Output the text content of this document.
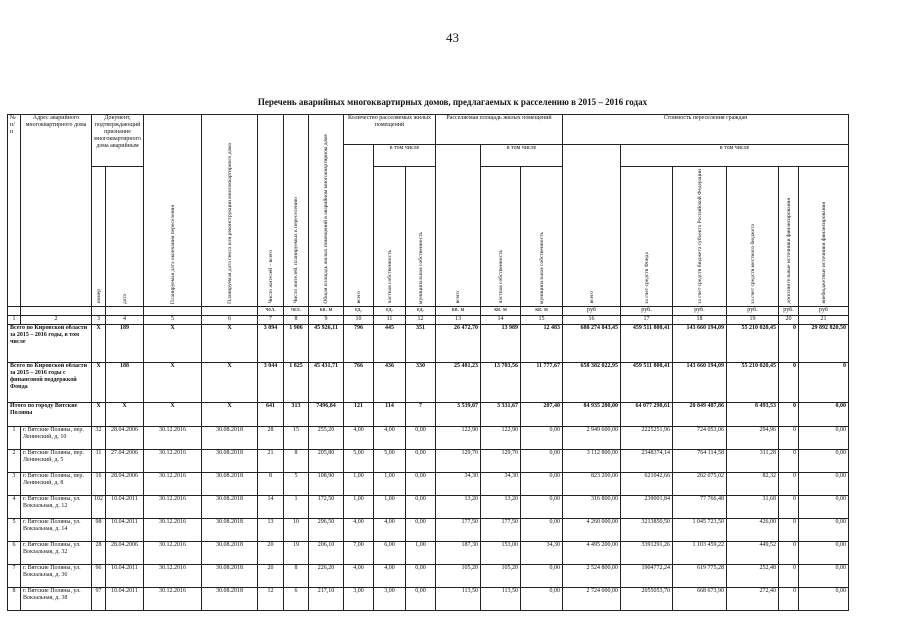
43
Перечень аварийных многоквартирных домов, предлагаемых к расселению в 2015 – 2016 годах
№ п/п	Адрес аварийного многоквартирного дома	Документ, подтверждающий признание многоквартирного дома аварийным		Планируемая дата окончания переселения	Планируемая дата сноса или реконструкции многоквартирного дома	Число жителей – всего	Число жителей, планируемых к переселению	Общая площадь жилых помещений в аварийном многоквартирном доме	Количество расселяемых жилых помещений			Расселяемая площадь жилых помещений			Стоимость переселения граждан					

									всего	в том числе		всего	в том числе		всего	в том числе				

		номер	дата							частная собственность	муниципальная собственность		частная собственность	муниципальная собственность		за счет средств Фонда	за счет средств бюджета субъекта Российской Федерации	за счет средств местного бюджета	дополнительные источники финансирования	внебюджетные источники финансирования

						чел.	чел.	кв. м	ед.	ед.	ед.	кв. м	кв. м	кв. м	руб	руб.	руб.	руб.	руб.	руб
1	2	3	4	5	6	7	8	9	10	11	12	13	14	15	16	17	18	19	20	21
Всего по Кировской области за 2015 – 2016 годы, в том числе		X	189	X	X	3 094	1 906	45 926,11	796	445	351	26 472,70	13 989	12 483	688 274 843,45	459 511 808,41	143 660 194,09	55 210 020,45	0	29 892 820,50
Всего по Кировской области за 2015 – 2016 годы с финансовой поддержкой Фонда		X	188	X	X	3 044	1 825	45 431,71	766	436	330	25 481,23	13 703,56	11 777,67	658 382 022,95	459 511 808,41	143 660 194,09	55 210 020,45	0	0
Итого по городу Вятские Поляны		X	X	X	X	641	313	7496,84	121	114	7	3 539,07	3 331,67	207,40	84 935 280,00	64 077 298,61	20 849 487,86	8 493,53	0	0,00
1	г. Вятские Поляны, пер. Ленинский, д. 10	32	28.04.2006	30.12.2016	30.08.2018	28	15	255,20	4,00	4,00	0,00	122,90	122,90	0,00	2 949 600,00	2225251,96	724 053,06	294,96	0	0,00
2	г. Вятские Поляны, пер. Ленинский, д. 5	11	27.04.2006	30.12.2016	30.08.2018	21	8	205,80	5,00	5,00	0,00	129,70	129,70	0,00	3 112 800,00	2348374,14	764 114,58	311,28	0	0,00
3	г. Вятские Поляны, пер. Ленинский, д. 8	16	28.04.2006	30.12.2016	30.08.2018	8	5	108,90	1,00	1,00	0,00	34,30	34,30	0,00	823 200,00	621042,66	202 075,02	82,32	0	0,00
4	г. Вятские Поляны, ул. Вокзальная, д. 12	102	10.04.2011	30.12.2016	30.08.2018	14	1	172,50	1,00	1,00	0,00	13,20	13,20	0,00	316 800,00	239001,84	77 766,48	31,68	0	0,00
5	г. Вятские Поляны, ул. Вокзальная, д. 14	98	10.04.2011	30.12.2016	30.08.2018	13	10	296,50	4,00	4,00	0,00	177,50	177,50	0,00	4 260 000,00	3213850,50	1 045 723,50	426,00	0	0,00
6	г. Вятские Поляны, ул. Вокзальная, д. 32	28	28.04.2006	30.12.2016	30.08.2018	20	19	206,10	7,00	6,00	1,00	187,30	153,00	34,30	4 495 200,00	3391291,26	1 103 459,22	449,52	0	0,00
7	г. Вятские Поляны, ул. Вокзальная, д. 36	96	10.04.2011	30.12.2016	30.08.2018	20	8	226,20	4,00	4,00	0,00	105,20	105,20	0,00	2 524 800,00	1904772,24	619 775,28	252,48	0	0,00
8	г. Вятские Поляны, ул. Вокзальная, д. 38	97	10.04.2011	30.12.2016	30.08.2018	12	6	217,10	3,00	3,00	0,00	113,50	113,50	0,00	2 724 000,00	2055053,70	668 673,90	272,40	0	0,00
